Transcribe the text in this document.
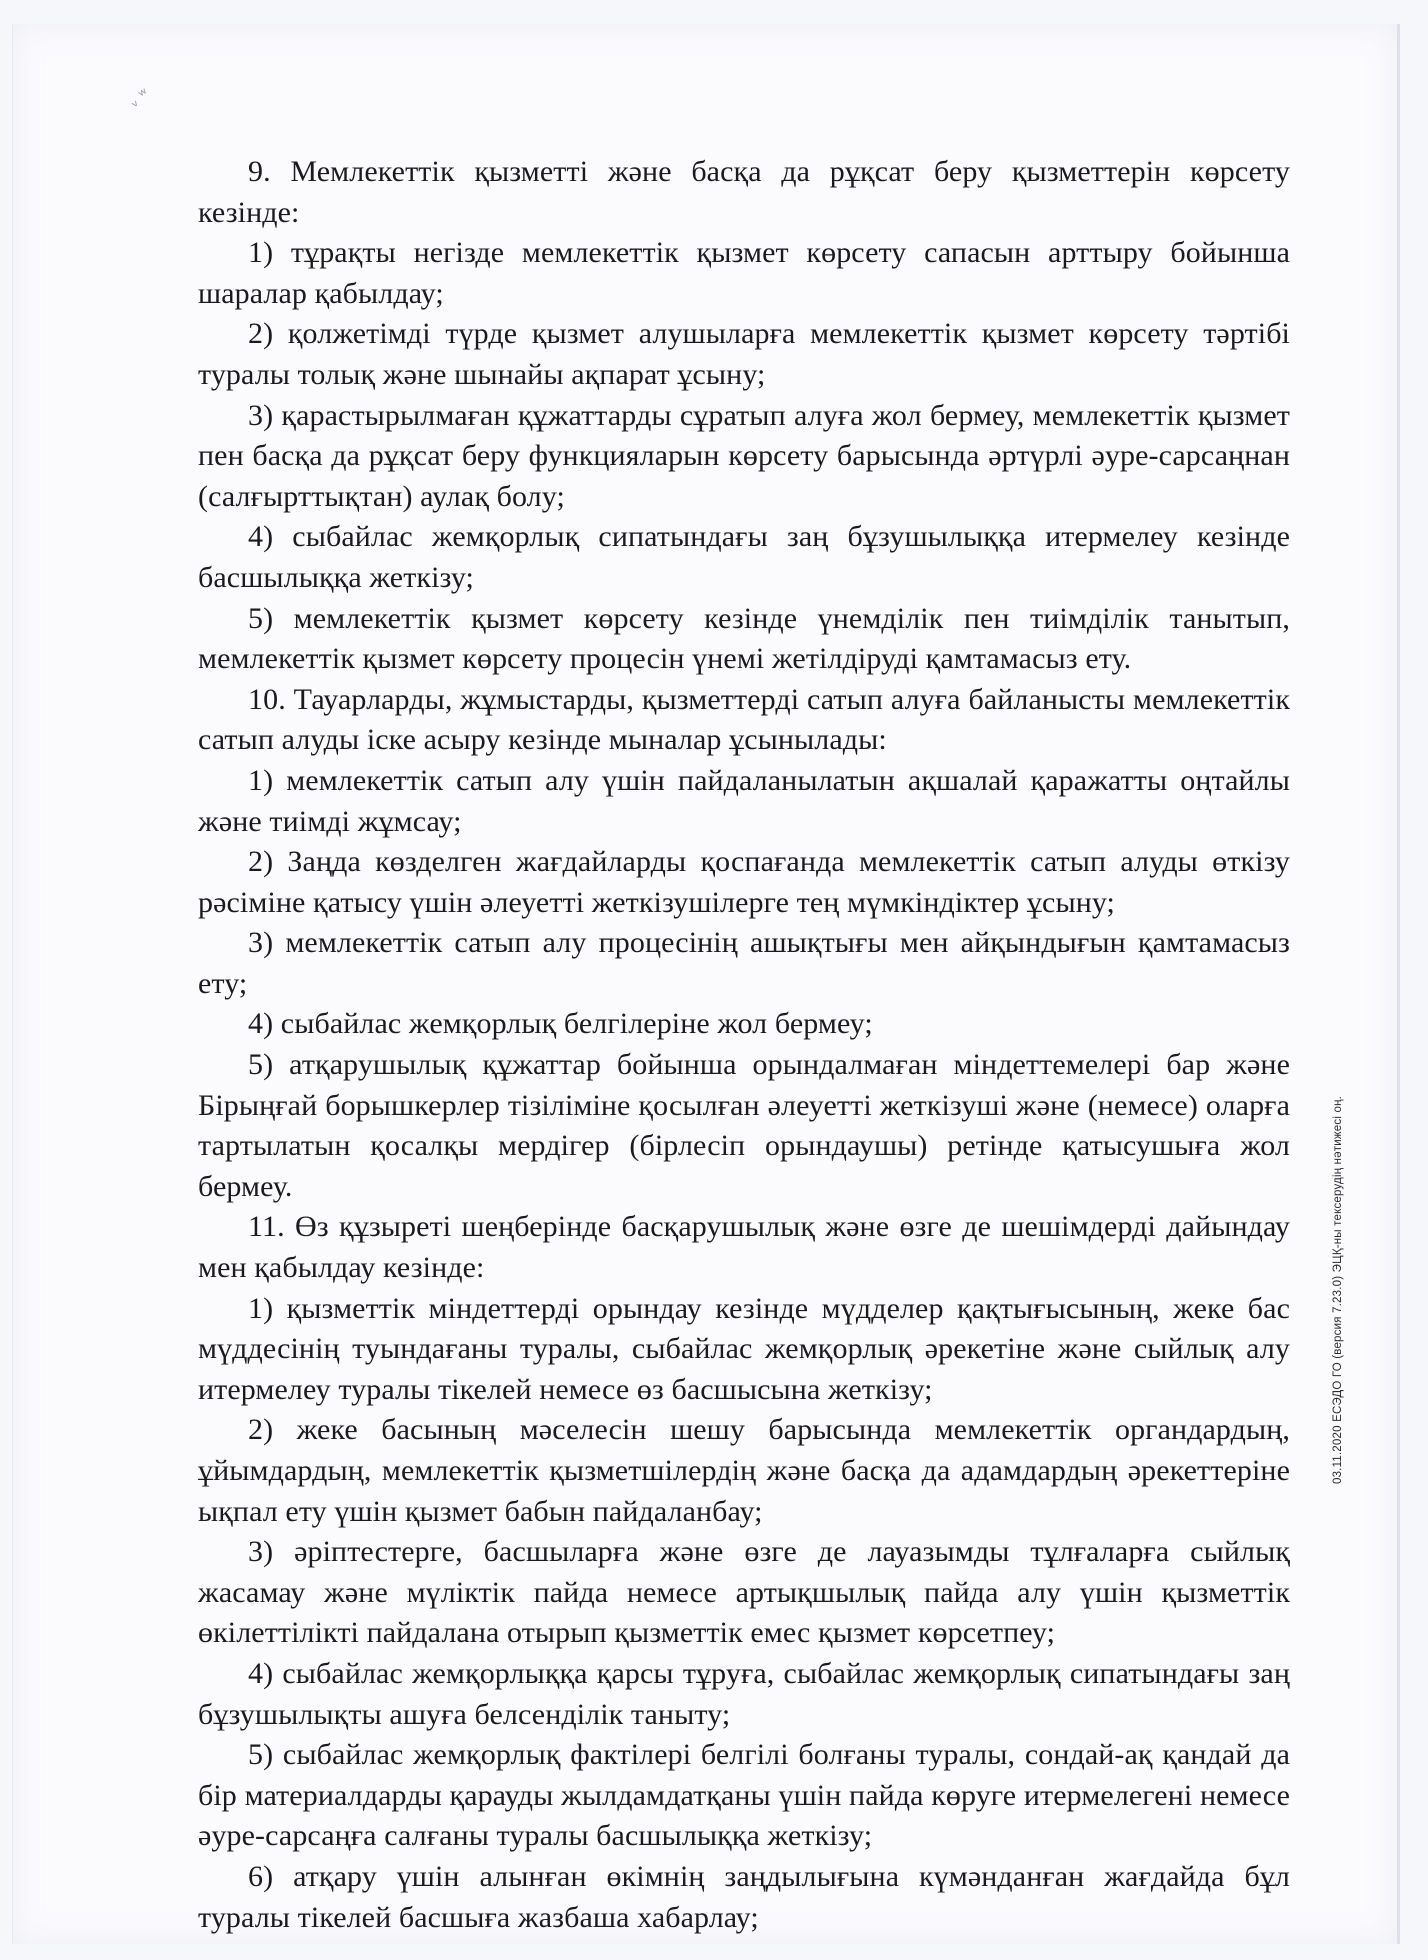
ᵥ ʷ

9. Мемлекеттік қызметті және басқа да рұқсат беру қызметтерін көрсету кезінде:

1) тұрақты негізде мемлекеттік қызмет көрсету сапасын арттыру бойынша шаралар қабылдау;

2) қолжетімді түрде қызмет алушыларға мемлекеттік қызмет көрсету тәртібі туралы толық және шынайы ақпарат ұсыну;

3) қарастырылмаған құжаттарды сұратып алуға жол бермеу, мемлекеттік қызмет пен басқа да рұқсат беру функцияларын көрсету барысында әртүрлі әуре-сарсаңнан (салғырттықтан) аулақ болу;

4) сыбайлас жемқорлық сипатындағы заң бұзушылыққа итермелеу кезінде басшылыққа жеткізу;

5) мемлекеттік қызмет көрсету кезінде үнемділік пен тиімділік танытып, мемлекеттік қызмет көрсету процесін үнемі жетілдіруді қамтамасыз ету.

10. Тауарларды, жұмыстарды, қызметтерді сатып алуға байланысты мемлекеттік сатып алуды іске асыру кезінде мыналар ұсынылады:

1) мемлекеттік сатып алу үшін пайдаланылатын ақшалай қаражатты оңтайлы және тиімді жұмсау;

2) Заңда көзделген жағдайларды қоспағанда мемлекеттік сатып алуды өткізу рәсіміне қатысу үшін әлеуетті жеткізушілерге тең мүмкіндіктер ұсыну;

3) мемлекеттік сатып алу процесінің ашықтығы мен айқындығын қамтамасыз ету;

4) сыбайлас жемқорлық белгілеріне жол бермеу;

5) атқарушылық құжаттар бойынша орындалмаған міндеттемелері бар және Бірыңғай борышкерлер тізіліміне қосылған әлеуетті жеткізуші және (немесе) оларға тартылатын қосалқы мердігер (бірлесіп орындаушы) ретінде қатысушыға жол бермеу.

11. Өз құзыреті шеңберінде басқарушылық және өзге де шешімдерді дайындау мен қабылдау кезінде:

1) қызметтік міндеттерді орындау кезінде мүдделер қақтығысының, жеке бас мүддесінің туындағаны туралы, сыбайлас жемқорлық әрекетіне және сыйлық алу итермелеу туралы тікелей немесе өз басшысына жеткізу;

2) жеке басының мәселесін шешу барысында мемлекеттік органдардың, ұйымдардың, мемлекеттік қызметшілердің және басқа да адамдардың әрекеттеріне ықпал ету үшін қызмет бабын пайдаланбау;

3) әріптестерге, басшыларға және өзге де лауазымды тұлғаларға сыйлық жасамау және мүліктік пайда немесе артықшылық пайда алу үшін қызметтік өкілеттілікті пайдалана отырып қызметтік емес қызмет көрсетпеу;

4) сыбайлас жемқорлыққа қарсы тұруға, сыбайлас жемқорлық сипатындағы заң бұзушылықты ашуға белсенділік таныту;

5) сыбайлас жемқорлық фактілері белгілі болғаны туралы, сондай-ақ қандай да бір материалдарды қарауды жылдамдатқаны үшін пайда көруге итермелегені немесе әуре-сарсаңға салғаны туралы басшылыққа жеткізу;

6) атқару үшін алынған өкімнің заңдылығына күмәнданған жағдайда бұл туралы тікелей басшыға жазбаша хабарлау;

03.11.2020 ЕСЭДО ГО (версия 7.23.0) ЭЦҚ-ны тексерудің нәтижесі оң.
